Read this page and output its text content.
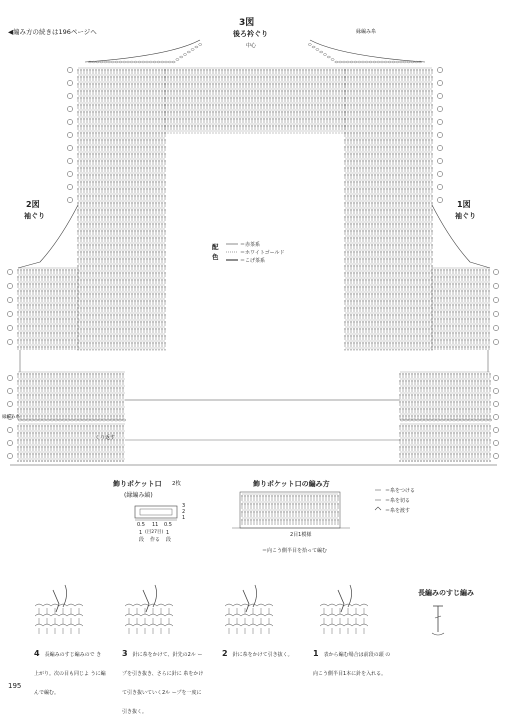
◀編み方の続きは196ページへ
3図
後ろ衿ぐり
中心
縁編み糸
2図
袖ぐり
1図
袖ぐり
配
色
＝赤茶系
＝ホワイトゴールド
＝こげ茶系
くり返す
縁編み糸
飾りポケット口 2枚
(縁編み縞)
0.5 11 0.5
1 (目27目) 1
段 作る 段
3
2
1
飾りポケット口の編み方
＝糸をつける
＝糸を切る
＝糸を渡す
2目1模様
＝向こう側半目を拾って編む
長編みのすじ編み
4 長編みのすじ編みので き上がり。次の目も同じよ うに編んで編む。
3 針に糸をかけて、針先の2ル ープを引き抜き、さらに針に 糸をかけて引き抜いていく2ル ープを一度に引き抜く。
2 針に糸をかけて引き抜く。	1 表から編む場合は前段の頭 の向こう側半目1本に針を入れる。
195
